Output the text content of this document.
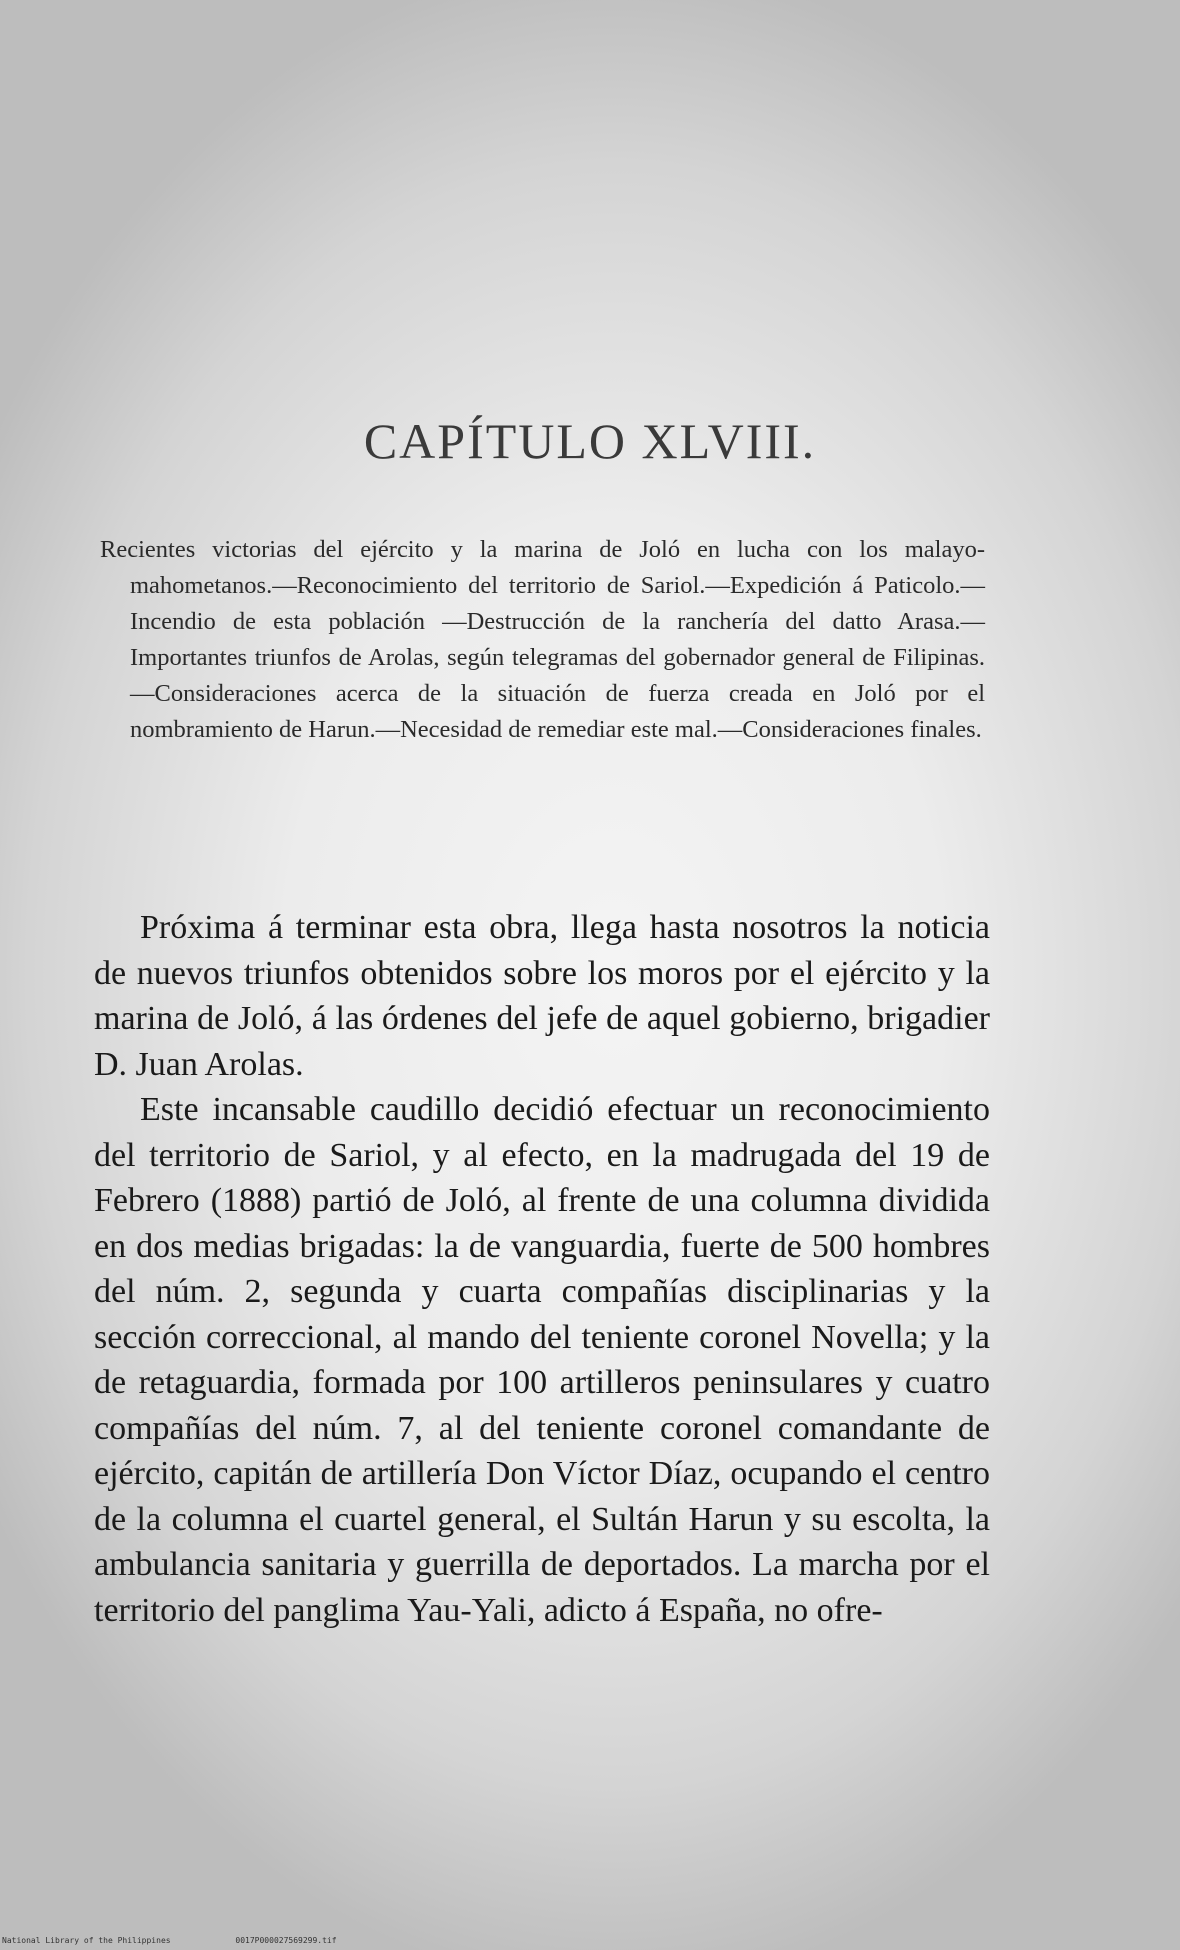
CAPÍTULO XLVIII.

Recientes victorias del ejército y la marina de Joló en lucha con los malayo-mahometanos.—Reconocimiento del territorio de Sariol.—Expedición á Paticolo.—Incendio de esta población —Destrucción de la ranchería del datto Arasa.—Importantes triunfos de Arolas, según telegramas del gobernador general de Filipinas.—Consideraciones acerca de la situación de fuerza creada en Joló por el nombramiento de Harun.—Necesidad de remediar este mal.—Consideraciones finales.

Próxima á terminar esta obra, llega hasta nosotros la noticia de nuevos triunfos obtenidos sobre los moros por el ejército y la marina de Joló, á las órdenes del jefe de aquel gobierno, brigadier D. Juan Arolas.

Este incansable caudillo decidió efectuar un reconocimiento del territorio de Sariol, y al efecto, en la madrugada del 19 de Febrero (1888) partió de Joló, al frente de una columna dividida en dos medias brigadas: la de vanguardia, fuerte de 500 hombres del núm. 2, segunda y cuarta compañías disciplinarias y la sección correccional, al mando del teniente coronel Novella; y la de retaguardia, formada por 100 artilleros peninsulares y cuatro compañías del núm. 7, al del teniente coronel comandante de ejército, capitán de artillería Don Víctor Díaz, ocupando el centro de la columna el cuartel general, el Sultán Harun y su escolta, la ambulancia sanitaria y guerrilla de deportados. La marcha por el territorio del panglima Yau-Yali, adicto á España, no ofre-

National Library of the Philippines	0017P000027569299.tif
